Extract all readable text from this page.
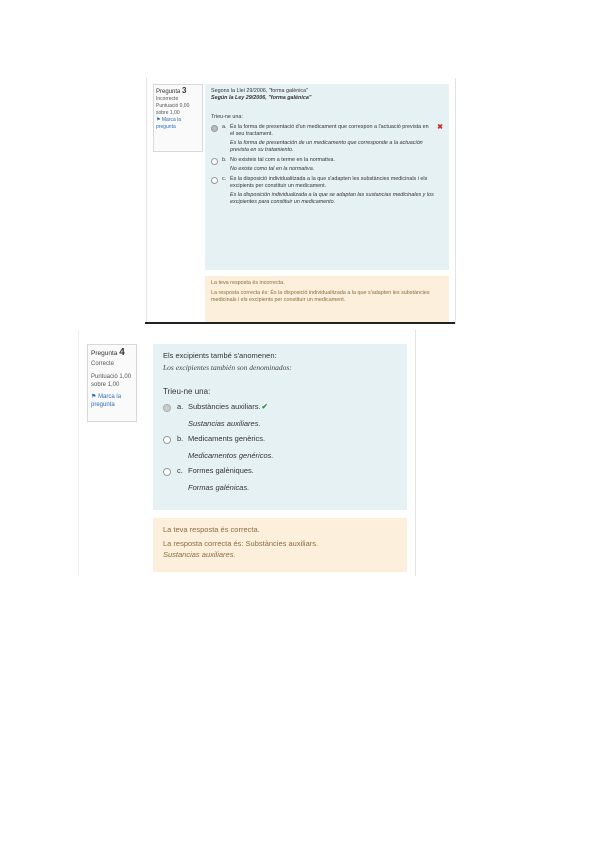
Pregunta 3
Incorrecte
Puntuació 0,00 sobre 1,00
⚑ Marca la pregunta

Segons la Llei 29/2006, "forma galènica"

Según la Ley 29/2006, "forma galénica"

Trieu-ne una:
a. És la forma de presentació d'un medicament que correspon a l'actuació prevista en el seu tractament.
Es la forma de presentación de un medicamento que corresponde a la actuación prevista en su tratamiento.
✖
b. No existeix tal com a terme en la normativa.
No existe como tal en la normativa.
c. És la disposició individualitzada a la que s'adapten les substàncies medicinals i els excipients per constituir un medicament.
Es la disposición individualizada a la que se adaptan las sustancias medicinales y los excipientes para constituir un medicamento.

La teva resposta és incorrecta.

La resposta correcta és: És la disposició individualitzada a la que s'adapten les substàncies medicinals i els excipients per constituir un medicament.

Pregunta 4
Correcte
Puntuació 1,00 sobre 1,00
⚑ Marca la pregunta

Els excipients també s'anomenen:

Los excipientes también son denominados:

Trieu-ne una:
a. Substàncies auxiliars.✔
Sustancias auxiliares.
b. Medicaments genèrics.
Medicamentos genéricos.
c. Formes galèniques.
Formas galénicas.

La teva resposta és correcta.

La resposta correcta és: Substàncies auxiliars.

Sustancias auxiliares.
